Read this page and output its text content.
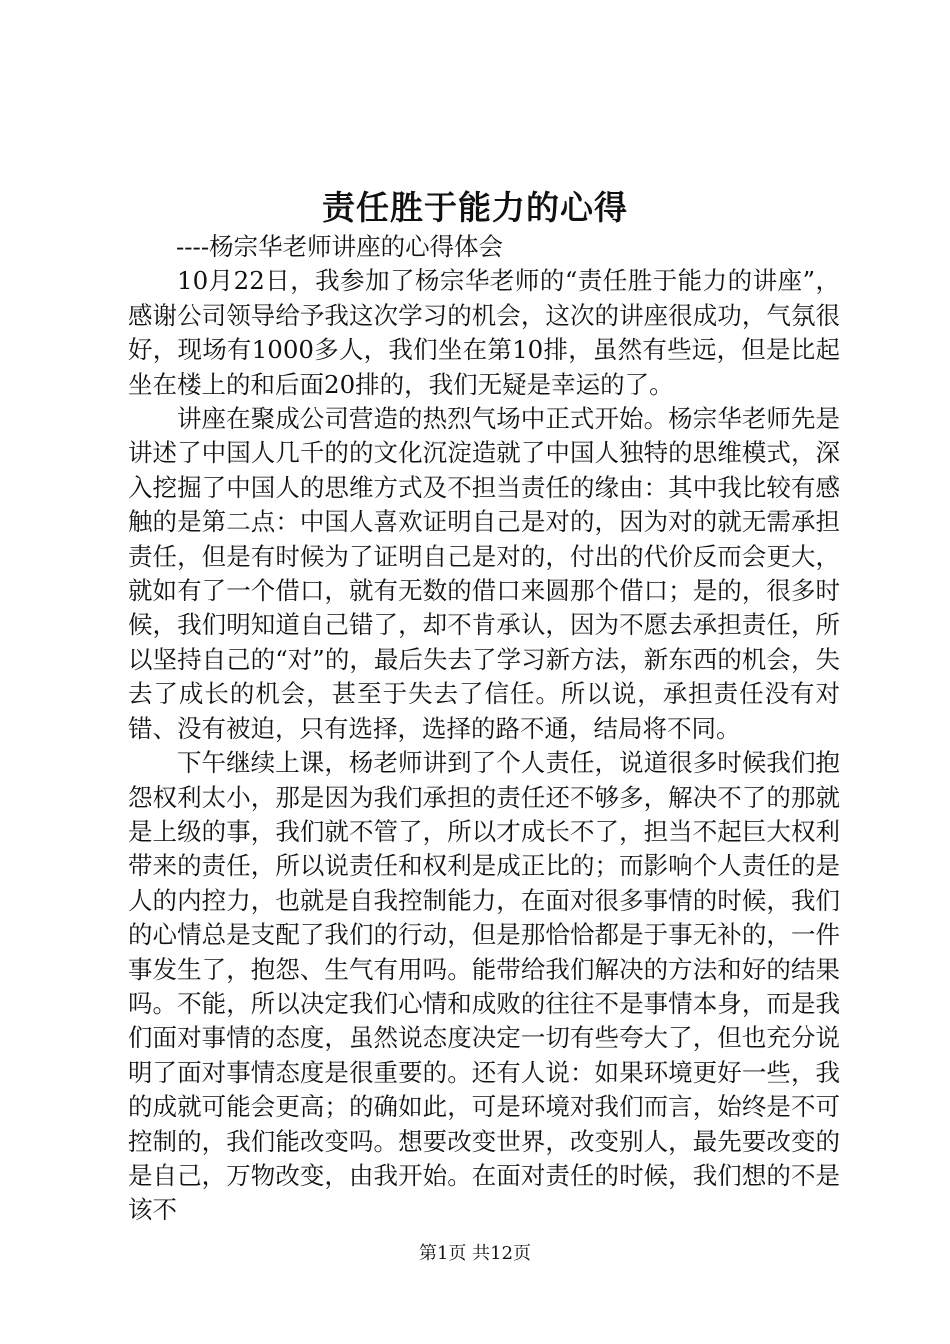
责任胜于能力的心得

----杨宗华老师讲座的心得体会

10月22日，我参加了杨宗华老师的“责任胜于能力的讲座”，感谢公司领导给予我这次学习的机会，这次的讲座很成功，气氛很好，现场有1000多人，我们坐在第10排，虽然有些远，但是比起坐在楼上的和后面20排的，我们无疑是幸运的了。

讲座在聚成公司营造的热烈气场中正式开始。杨宗华老师先是讲述了中国人几千的的文化沉淀造就了中国人独特的思维模式，深入挖掘了中国人的思维方式及不担当责任的缘由：其中我比较有感触的是第二点：中国人喜欢证明自己是对的，因为对的就无需承担责任，但是有时候为了证明自己是对的，付出的代价反而会更大，就如有了一个借口，就有无数的借口来圆那个借口；是的，很多时候，我们明知道自己错了，却不肯承认，因为不愿去承担责任，所以坚持自己的“对”的，最后失去了学习新方法，新东西的机会，失去了成长的机会，甚至于失去了信任。所以说，承担责任没有对错、没有被迫，只有选择，选择的路不通，结局将不同。

下午继续上课，杨老师讲到了个人责任，说道很多时候我们抱怨权利太小，那是因为我们承担的责任还不够多，解决不了的那就是上级的事，我们就不管了，所以才成长不了，担当不起巨大权利带来的责任，所以说责任和权利是成正比的；而影响个人责任的是人的内控力，也就是自我控制能力，在面对很多事情的时候，我们的心情总是支配了我们的行动，但是那恰恰都是于事无补的，一件事发生了，抱怨、生气有用吗。能带给我们解决的方法和好的结果吗。不能，所以决定我们心情和成败的往往不是事情本身，而是我们面对事情的态度，虽然说态度决定一切有些夸大了，但也充分说明了面对事情态度是很重要的。还有人说：如果环境更好一些，我的成就可能会更高；的确如此，可是环境对我们而言，始终是不可控制的，我们能改变吗。想要改变世界，改变别人，最先要改变的是自己，万物改变，由我开始。在面对责任的时候，我们想的不是该不

第1页 共12页
